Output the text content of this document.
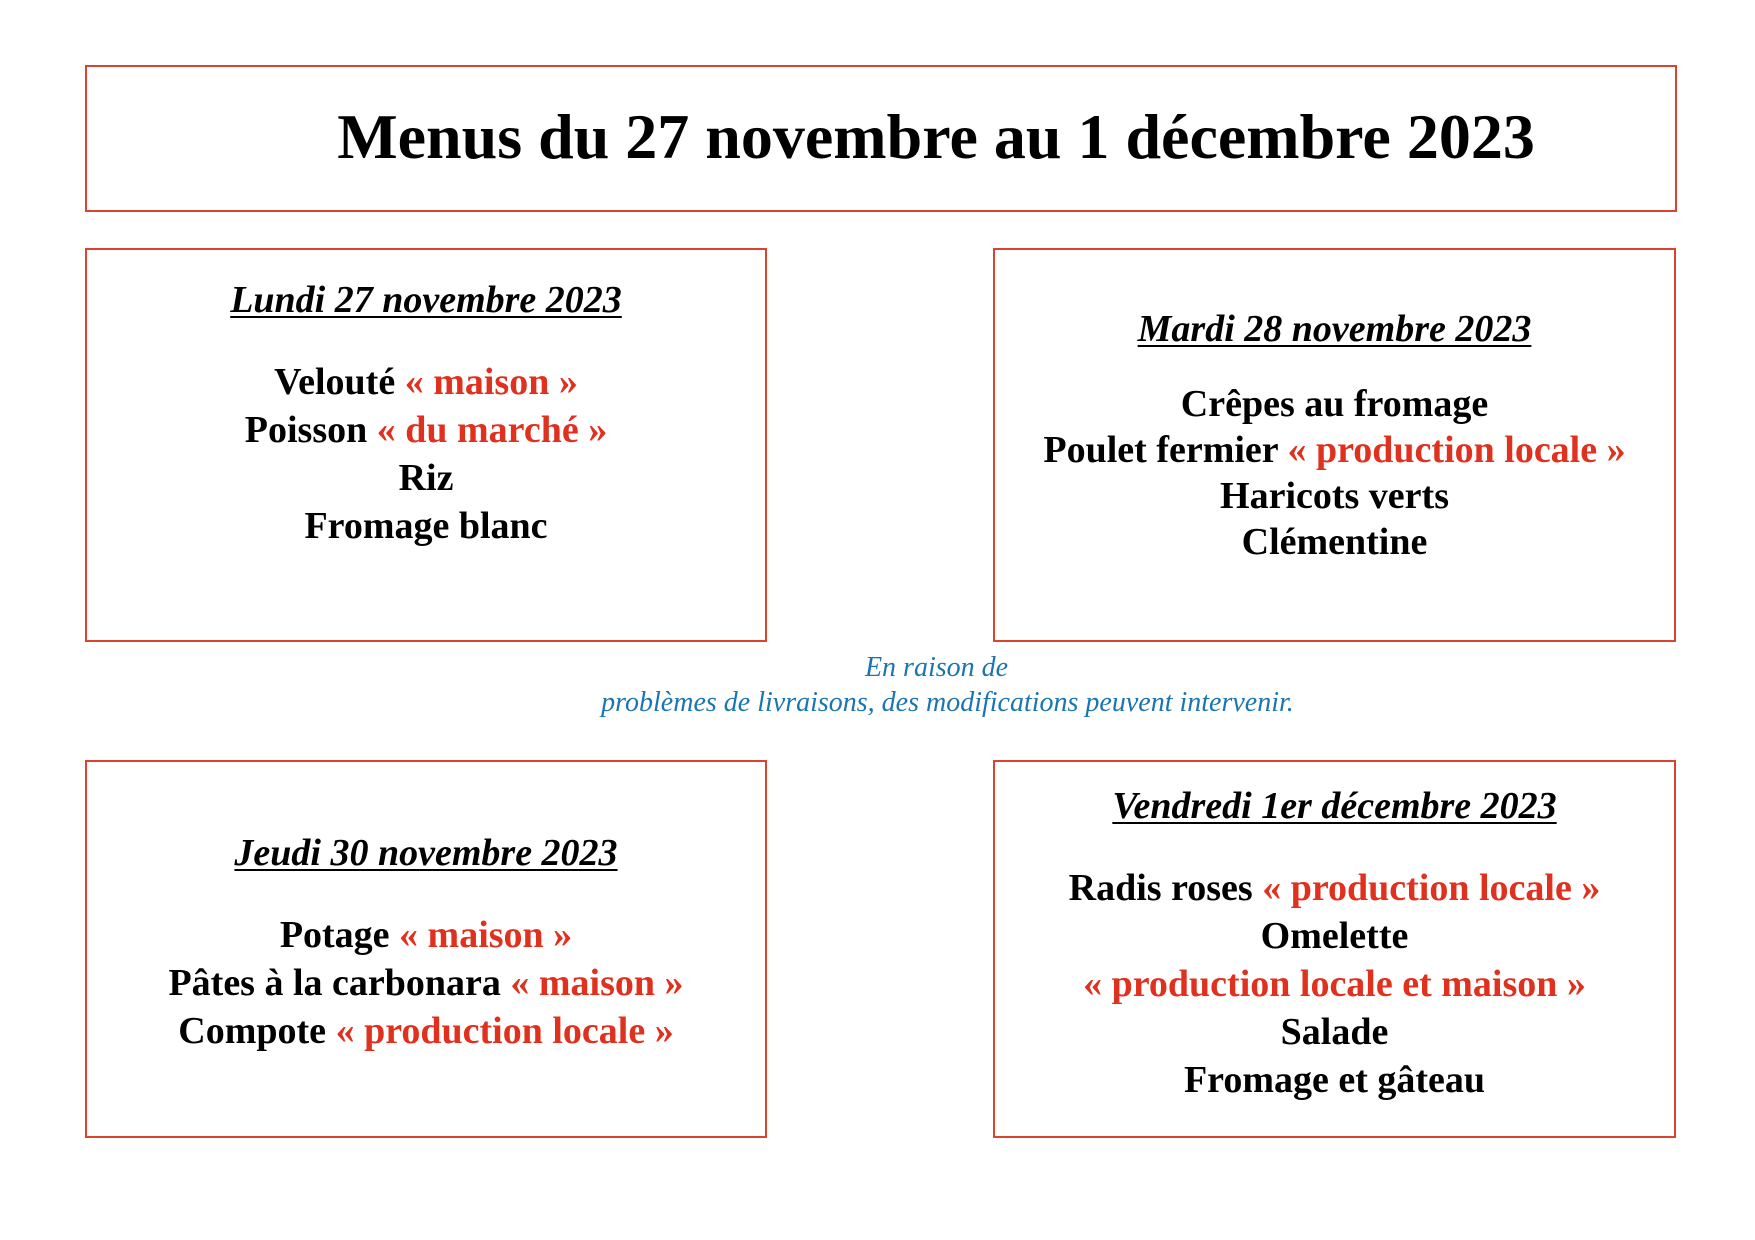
Menus du 27 novembre au 1 décembre 2023
Lundi 27 novembre 2023
Velouté « maison »
Poisson « du marché »
Riz
Fromage blanc
Mardi 28 novembre 2023
Crêpes au fromage
Poulet fermier « production locale »
Haricots verts
Clémentine
En raison de
problèmes de livraisons, des modifications peuvent intervenir.
Jeudi 30 novembre 2023
Potage « maison »
Pâtes à la carbonara « maison »
Compote « production locale »
Vendredi 1er décembre 2023
Radis roses « production locale »
Omelette
« production locale et maison »
Salade
Fromage et gâteau
